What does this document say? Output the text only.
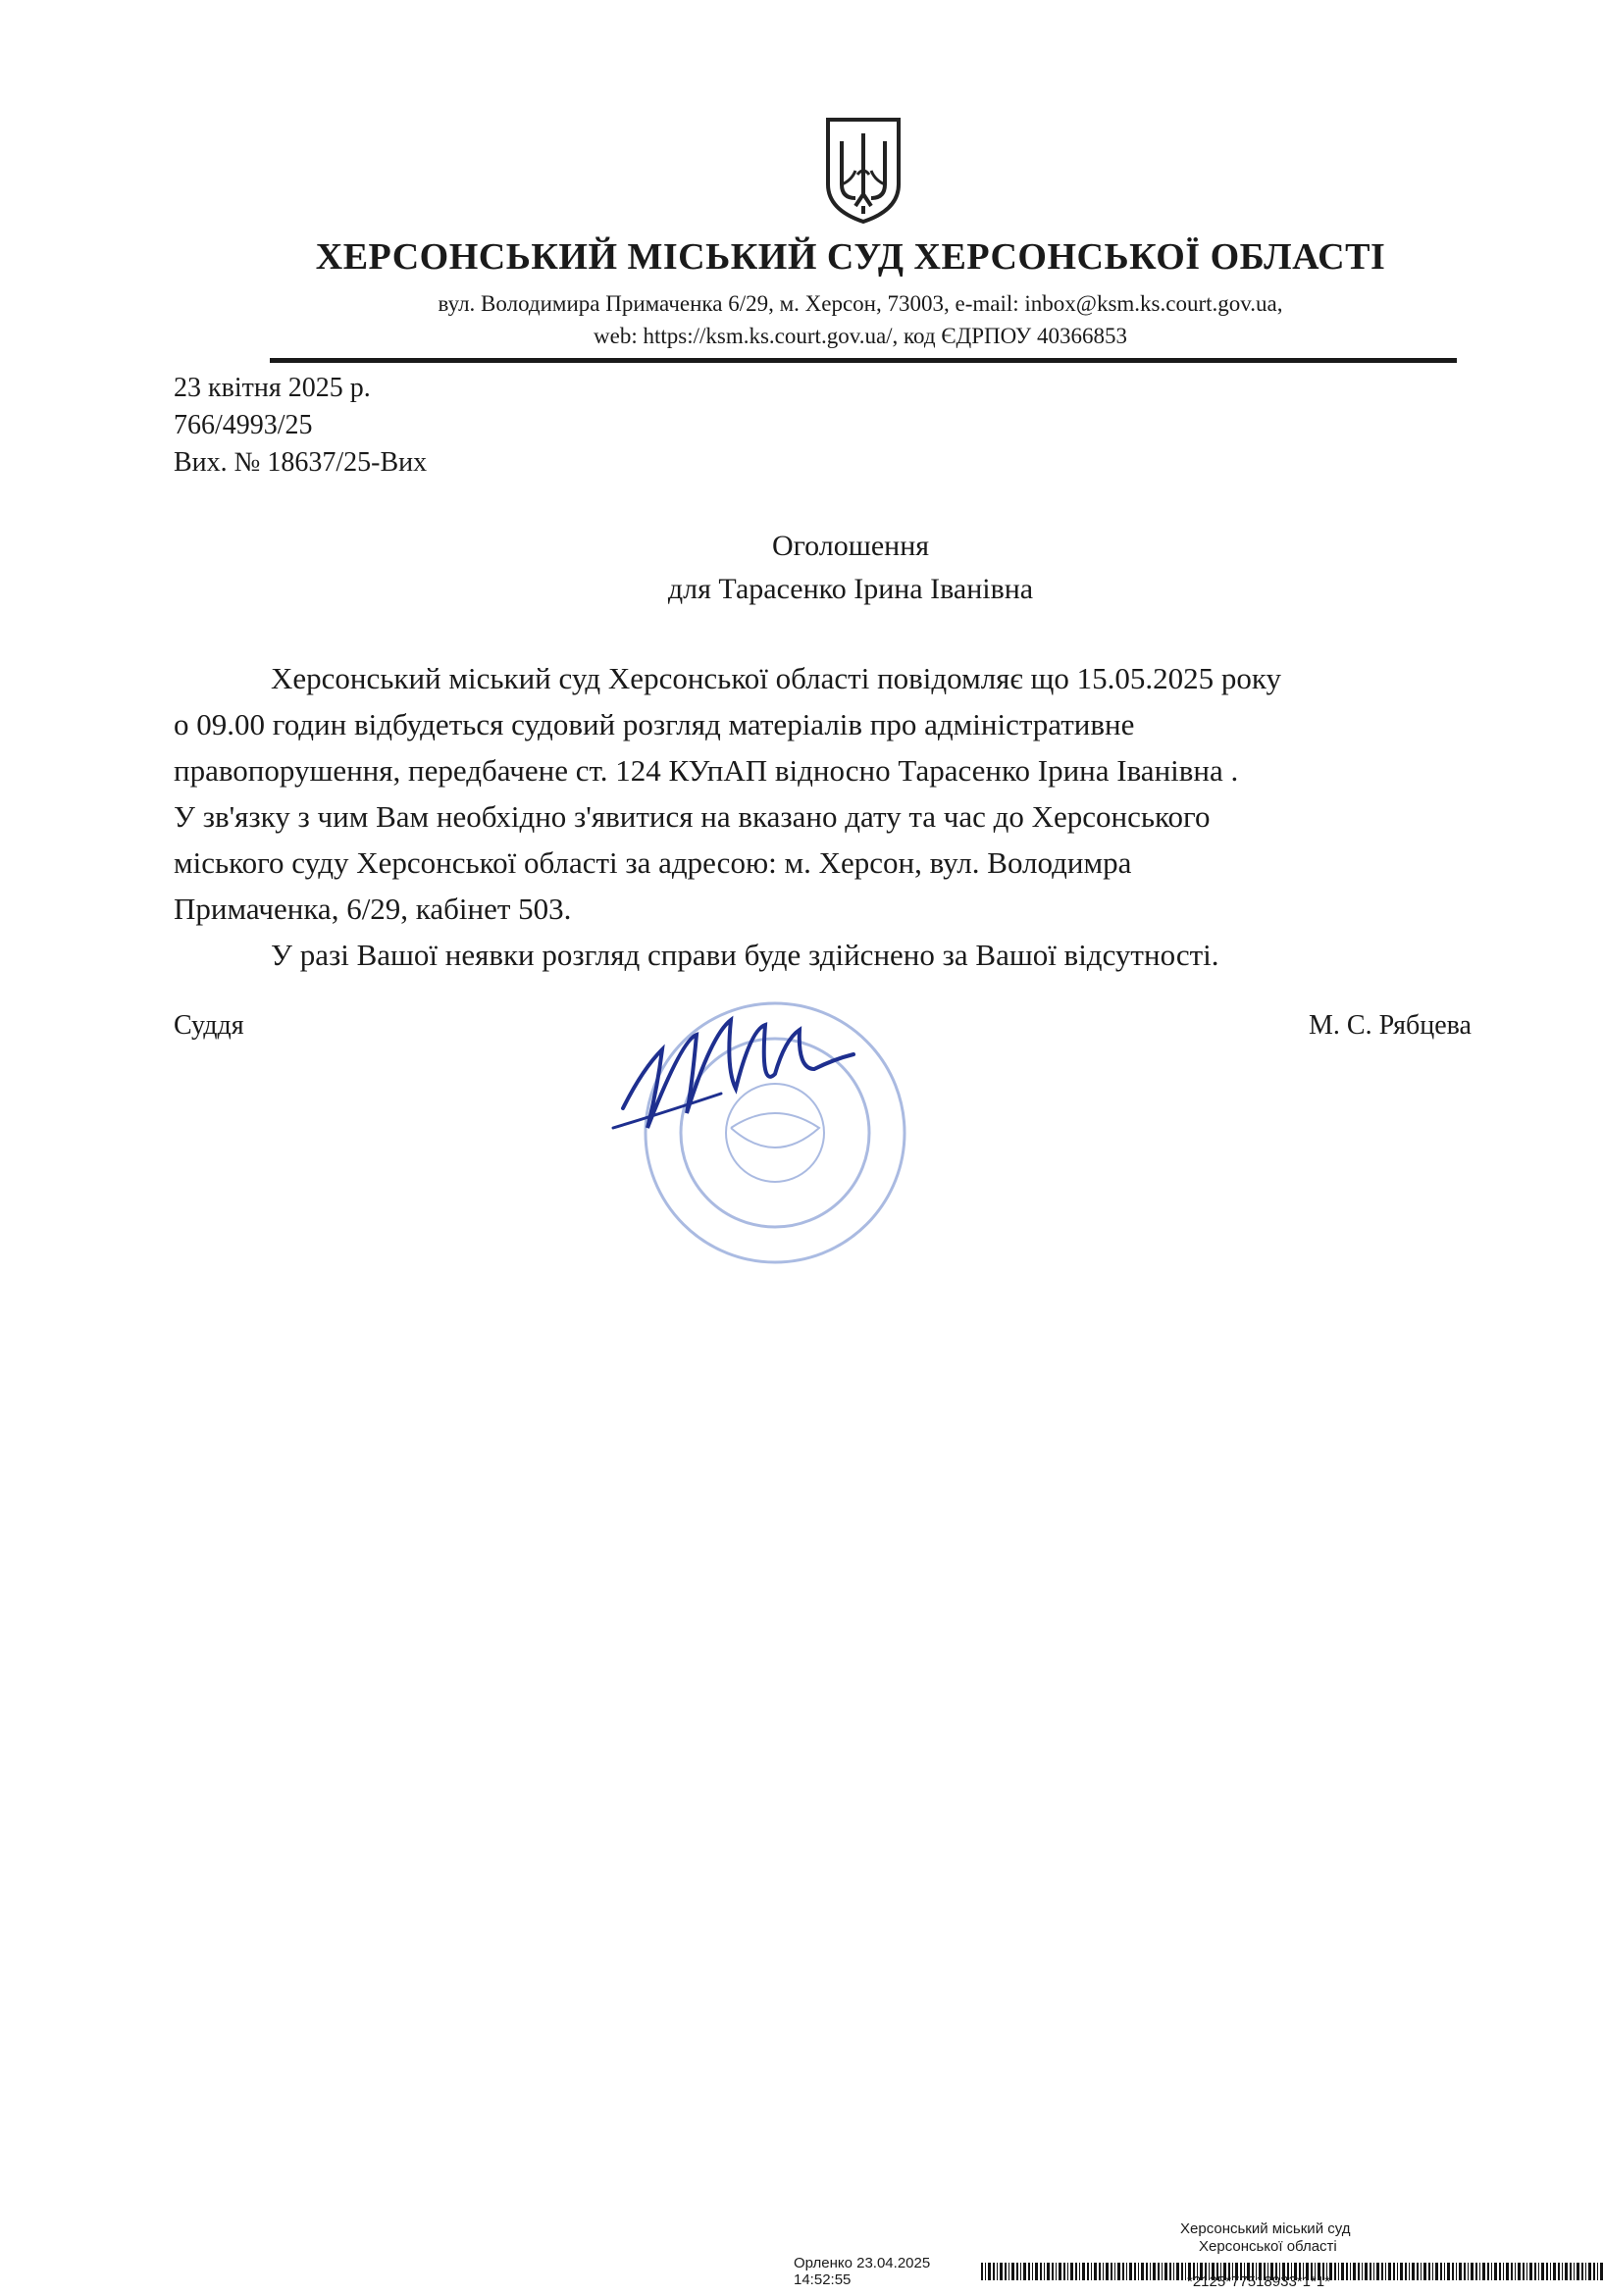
ХЕРСОНСЬКИЙ МІСЬКИЙ СУД ХЕРСОНСЬКОЇ ОБЛАСТІ
вул. Володимира Примаченка 6/29, м. Херсон, 73003, e-mail: inbox@ksm.ks.court.gov.ua,
web: https://ksm.ks.court.gov.ua/, код ЄДРПОУ 40366853
23 квітня 2025 р.
766/4993/25
Вих. № 18637/25-Вих
Оголошення
для Тарасенко Ірина Іванівна

Херсонський міський суд Херсонської області повідомляє що 15.05.2025 року

о 09.00 годин відбудеться судовий розгляд матеріалів про адміністративне

правопорушення, передбачене ст. 124 КУпАП відносно Тарасенко Ірина Іванівна .

У зв'язку з чим Вам необхідно з'явитися на вказано дату та час до Херсонського

міського суду Херсонської області за адресою: м. Херсон, вул. Володимра

Примаченка, 6/29, кабінет 503.

У разі Вашої неявки розгляд справи буде здійснено за Вашої відсутності.

Суддя	М. С. Рябцева
Херсонський міський суд
Херсонської області
Орленко 23.04.2025 14:52:55	*2125*77518933*1*1*
